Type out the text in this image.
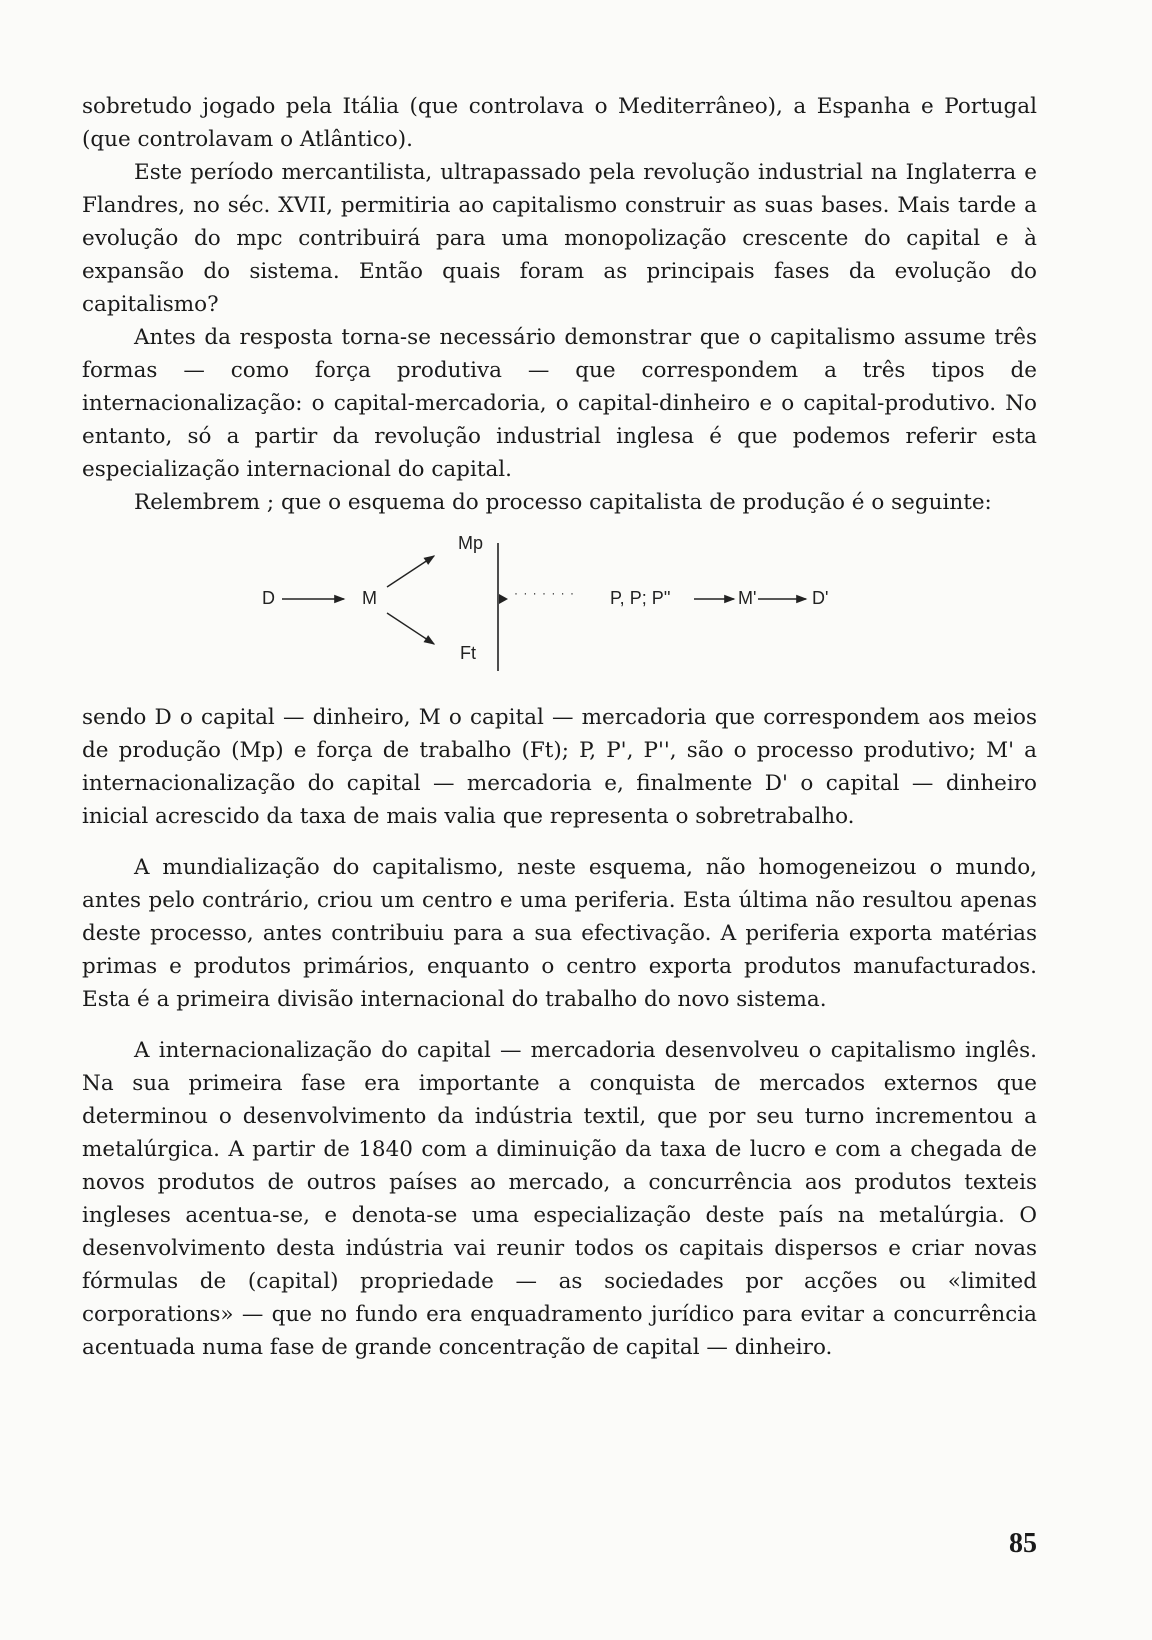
sobretudo jogado pela Itália (que controlava o Mediterrâneo), a Espanha e Portugal (que controlavam o Atlântico).

Este período mercantilista, ultrapassado pela revolução industrial na Inglaterra e Flandres, no séc. XVII, permitiria ao capitalismo construir as suas bases. Mais tarde a evolução do mpc contribuirá para uma monopolização crescente do capital e à expansão do sistema. Então quais foram as principais fases da evolução do capitalismo?

Antes da resposta torna-se necessário demonstrar que o capitalismo assume três formas — como força produtiva — que correspondem a três tipos de internacionalização: o capital-mercadoria, o capital-dinheiro e o capital-produtivo. No entanto, só a partir da revolução industrial inglesa é que podemos referir esta especialização internacional do capital.

Relembrem ; que o esquema do processo capitalista de produção é o seguinte:

D	M
Mp
Ft
· · · · · · · P, P; P''	M'	D'

sendo D o capital — dinheiro, M o capital — mercadoria que correspondem aos meios de produção (Mp) e força de trabalho (Ft); P, P', P'', são o processo produtivo; M' a internacionalização do capital — mercadoria e, finalmente D' o capital — dinheiro inicial acrescido da taxa de mais valia que representa o sobretrabalho.

A mundialização do capitalismo, neste esquema, não homogeneizou o mundo, antes pelo contrário, criou um centro e uma periferia. Esta última não resultou apenas deste processo, antes contribuiu para a sua efectivação. A periferia exporta matérias primas e produtos primários, enquanto o centro exporta produtos manufacturados. Esta é a primeira divisão internacional do trabalho do novo sistema.

A internacionalização do capital — mercadoria desenvolveu o capitalismo inglês. Na sua primeira fase era importante a conquista de mercados externos que determinou o desenvolvimento da indústria textil, que por seu turno incrementou a metalúrgica. A partir de 1840 com a diminuição da taxa de lucro e com a chegada de novos produtos de outros países ao mercado, a concurrência aos produtos texteis ingleses acentua-se, e denota-se uma especialização deste país na metalúrgia. O desenvolvimento desta indústria vai reunir todos os capitais dispersos e criar novas fórmulas de (capital) propriedade — as sociedades por acções ou «limited corporations» — que no fundo era enquadramento jurídico para evitar a concurrência acentuada numa fase de grande concentração de capital — dinheiro.

85
